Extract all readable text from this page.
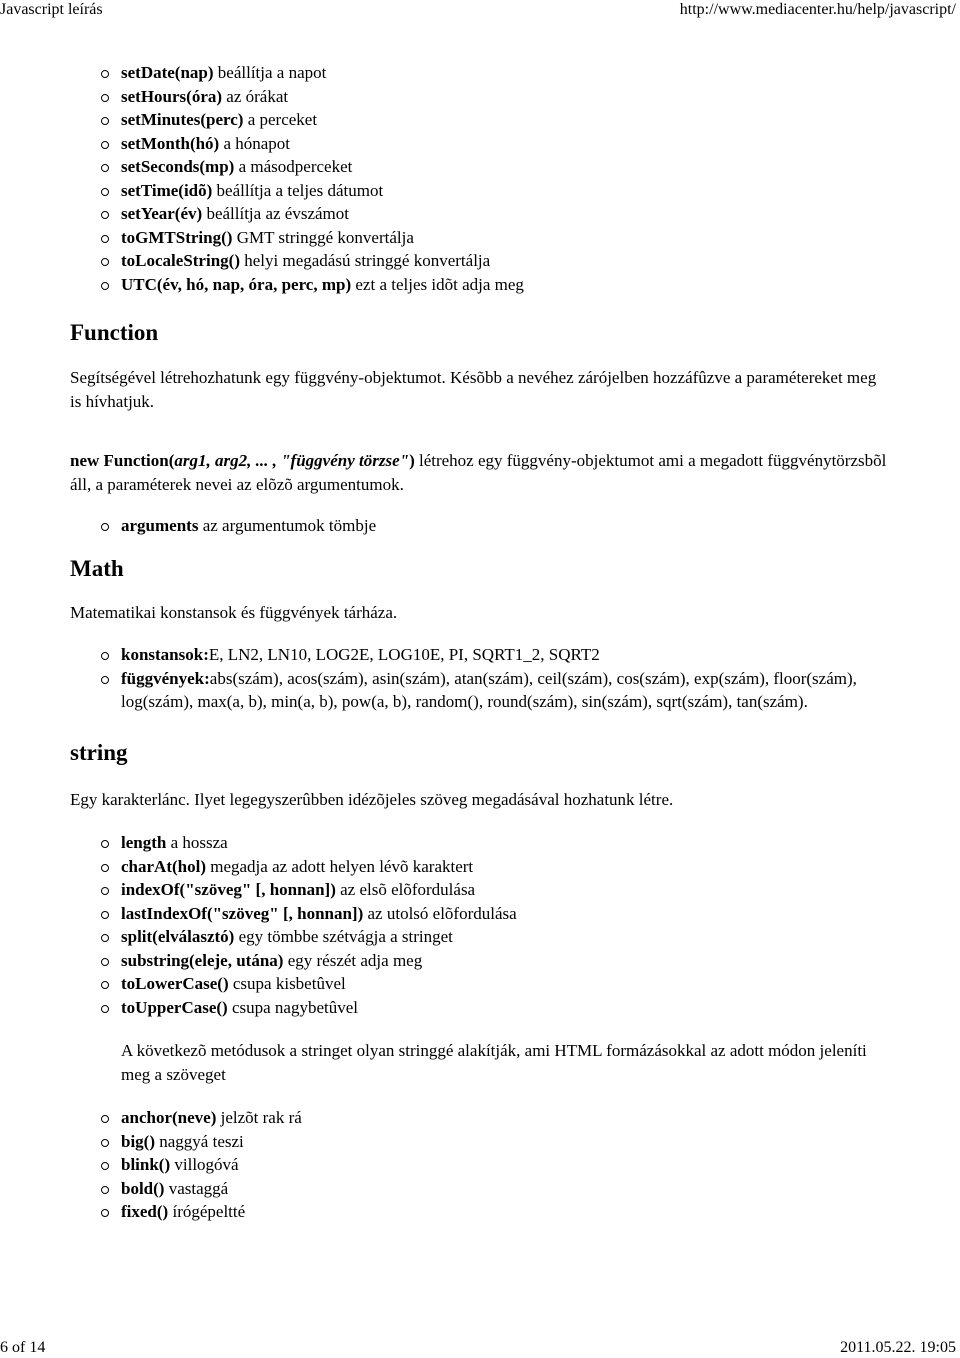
Javascript leírás	http://www.mediacenter.hu/help/javascript/
setDate(nap) beállítja a napot
setHours(óra) az órákat
setMinutes(perc) a perceket
setMonth(hó) a hónapot
setSeconds(mp) a másodperceket
setTime(idõ) beállítja a teljes dátumot
setYear(év) beállítja az évszámot
toGMTString() GMT stringgé konvertálja
toLocaleString() helyi megadású stringgé konvertálja
UTC(év, hó, nap, óra, perc, mp) ezt a teljes idõt adja meg
Function

Segítségével létrehozhatunk egy függvény-objektumot. Késõbb a nevéhez zárójelben hozzáfûzve a paramétereket meg is hívhatjuk.

new Function(arg1, arg2, ... , "függvény törzse") létrehoz egy függvény-objektumot ami a megadott függvénytörzsbõl áll, a paraméterek nevei az elõzõ argumentumok.

arguments az argumentumok tömbje
Math

Matematikai konstansok és függvények tárháza.

konstansok:E, LN2, LN10, LOG2E, LOG10E, PI, SQRT1_2, SQRT2
függvények:abs(szám), acos(szám), asin(szám), atan(szám), ceil(szám), cos(szám), exp(szám), floor(szám), log(szám), max(a, b), min(a, b), pow(a, b), random(), round(szám), sin(szám), sqrt(szám), tan(szám).
string

Egy karakterlánc. Ilyet legegyszerûbben idézõjeles szöveg megadásával hozhatunk létre.

length a hossza
charAt(hol) megadja az adott helyen lévõ karaktert
indexOf("szöveg" [, honnan]) az elsõ elõfordulása
lastIndexOf("szöveg" [, honnan]) az utolsó elõfordulása
split(elválasztó) egy tömbbe szétvágja a stringet
substring(eleje, utána) egy részét adja meg
toLowerCase() csupa kisbetûvel
toUpperCase() csupa nagybetûvel

A következõ metódusok a stringet olyan stringgé alakítják, ami HTML formázásokkal az adott módon jeleníti meg a szöveget

anchor(neve) jelzõt rak rá
big() naggyá teszi
blink() villogóvá
bold() vastaggá
fixed() írógépeltté
6 of 14	2011.05.22. 19:05
